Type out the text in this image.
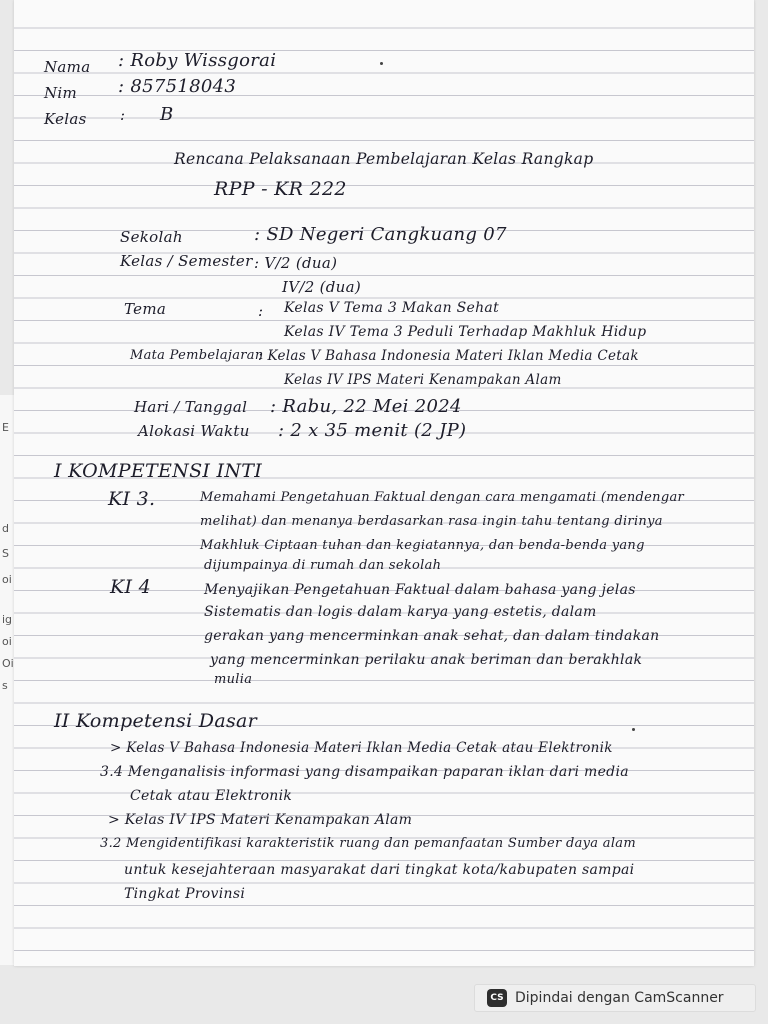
E
d
S
oi
ig
oi
Oi
s
Nama : Roby Wissgorai
Nim : 857518043
Kelas : B
Rencana Pelaksanaan Pembelajaran Kelas Rangkap
RPP - KR 222
Sekolah	: SD Negeri Cangkuang 07
Kelas / Semester : V/2 (dua)
IV/2 (dua)
Tema	: Kelas V Tema 3 Makan Sehat
Kelas IV Tema 3 Peduli Terhadap Makhluk Hidup
Mata Pembelajaran
: Kelas V Bahasa Indonesia Materi Iklan Media Cetak
Kelas IV IPS Materi Kenampakan Alam
Hari / Tanggal : Rabu, 22 Mei 2024
Alokasi Waktu : 2 x 35 menit (2 JP)
I KOMPETENSI INTI
KI 3.	Memahami Pengetahuan Faktual dengan cara mengamati (mendengar
melihat) dan menanya berdasarkan rasa ingin tahu tentang dirinya
Makhluk Ciptaan tuhan dan kegiatannya, dan benda-benda yang
dijumpainya di rumah dan sekolah
KI 4	Menyajikan Pengetahuan Faktual dalam bahasa yang jelas
Sistematis dan logis dalam karya yang estetis, dalam
gerakan yang mencerminkan anak sehat, dan dalam tindakan
yang mencerminkan perilaku anak beriman dan berakhlak
mulia
II Kompetensi Dasar
> Kelas V Bahasa Indonesia Materi Iklan Media Cetak atau Elektronik
3.4 Menganalisis informasi yang disampaikan paparan iklan dari media
Cetak atau Elektronik
> Kelas IV IPS Materi Kenampakan Alam
3.2 Mengidentifikasi karakteristik ruang dan pemanfaatan Sumber daya alam
untuk kesejahteraan masyarakat dari tingkat kota/kabupaten sampai
Tingkat Provinsi
CS Dipindai dengan CamScanner
